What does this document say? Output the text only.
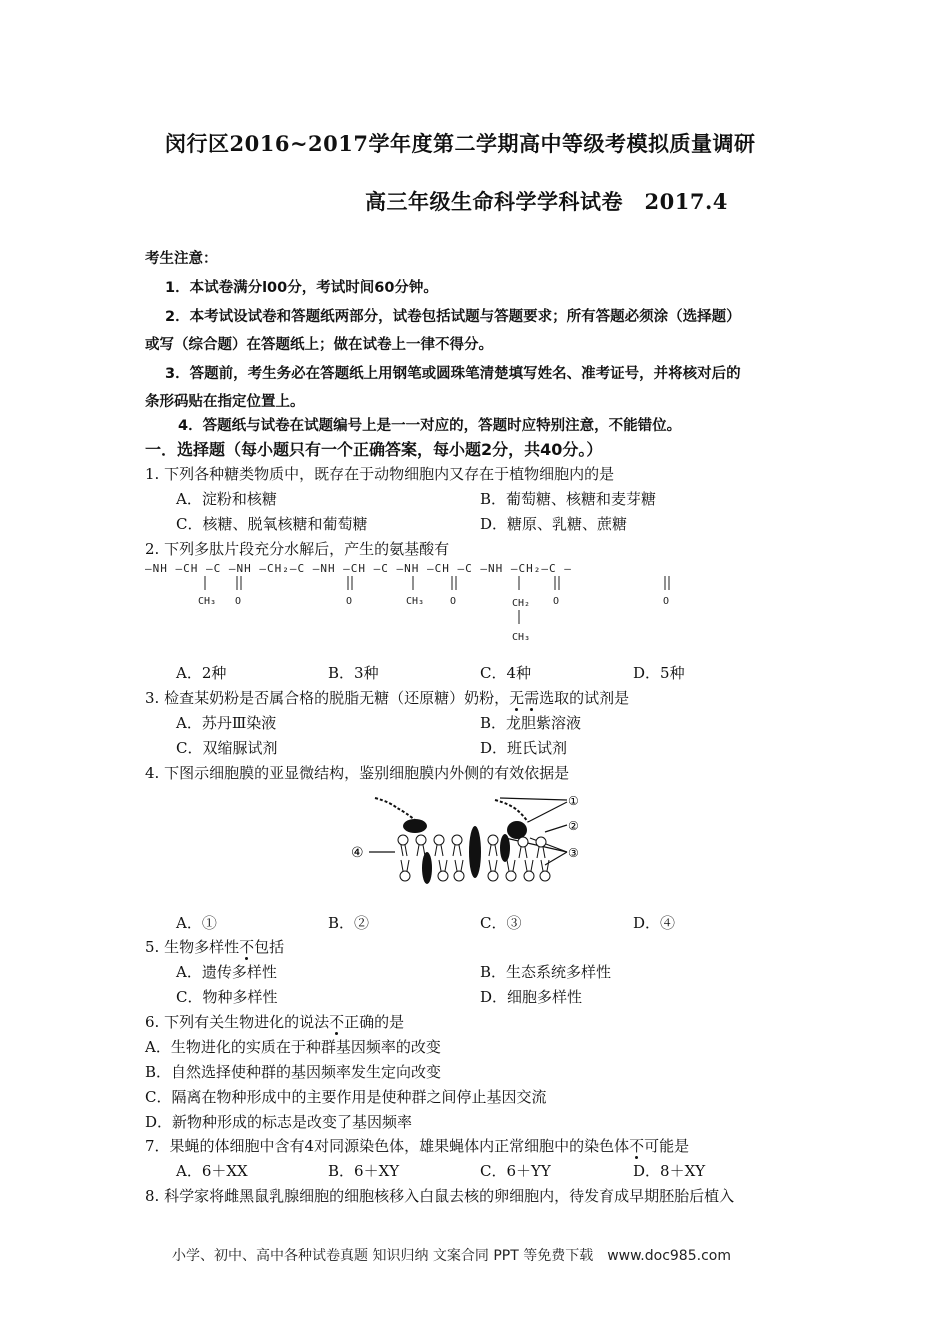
闵行区2016~2017学年度第二学期高中等级考模拟质量调研
高三年级生命科学学科试卷　2017.4
考生注意：
1．本试卷满分l00分，考试时间60分钟。
2．本考试设试卷和答题纸两部分，试卷包括试题与答题要求；所有答题必须涂（选择题）
或写（综合题）在答题纸上；做在试卷上一律不得分。
3．答题前，考生务必在答题纸上用钢笔或圆珠笔清楚填写姓名、准考证号，并将核对后的
条形码贴在指定位置上。
4．答题纸与试卷在试题编号上是一一对应的，答题时应特别注意，不能错位。
一．选择题（每小题只有一个正确答案，每小题2分，共40分。）
1. 下列各种糖类物质中，既存在于动物细胞内又存在于植物细胞内的是
A．淀粉和核糖	B．葡萄糖、核糖和麦芽糖
C．核糖、脱氧核糖和葡萄糖	D．糖原、乳糖、蔗糖
2. 下列多肽片段充分水解后，产生的氨基酸有
—NH —CH —C —NH —CH₂—C —NH —CH —C —NH —CH —C —NH —CH₂—C —
CH₃ O	O	CH₃	O	CH₂ O	O
CH₃
A．2种	B．3种	C．4种	D．5种
3. 检查某奶粉是否属合格的脱脂无糖（还原糖）奶粉，无需选取的试剂是
A．苏丹Ⅲ染液	B．龙胆紫溶液
C．双缩脲试剂	D．班氏试剂
4. 下图示细胞膜的亚显微结构，鉴别细胞膜内外侧的有效依据是
①
②
③
④
A．①	B．②	C．③	D．④
5. 生物多样性不包括
A．遗传多样性	B．生态系统多样性
C．物种多样性	D．细胞多样性
6. 下列有关生物进化的说法不正确的是
A．生物进化的实质在于种群基因频率的改变
B．自然选择使种群的基因频率发生定向改变
C．隔离在物种形成中的主要作用是使种群之间停止基因交流
D．新物种形成的标志是改变了基因频率
7．果蝇的体细胞中含有4对同源染色体，雄果蝇体内正常细胞中的染色体不可能是
A．6＋XX	B．6＋XY	C．6＋YY	D．8＋XY
8. 科学家将雌黑鼠乳腺细胞的细胞核移入白鼠去核的卵细胞内，待发育成早期胚胎后植入
小学、初中、高中各种试卷真题 知识归纳 文案合同 PPT 等免费下载　www.doc985.com
